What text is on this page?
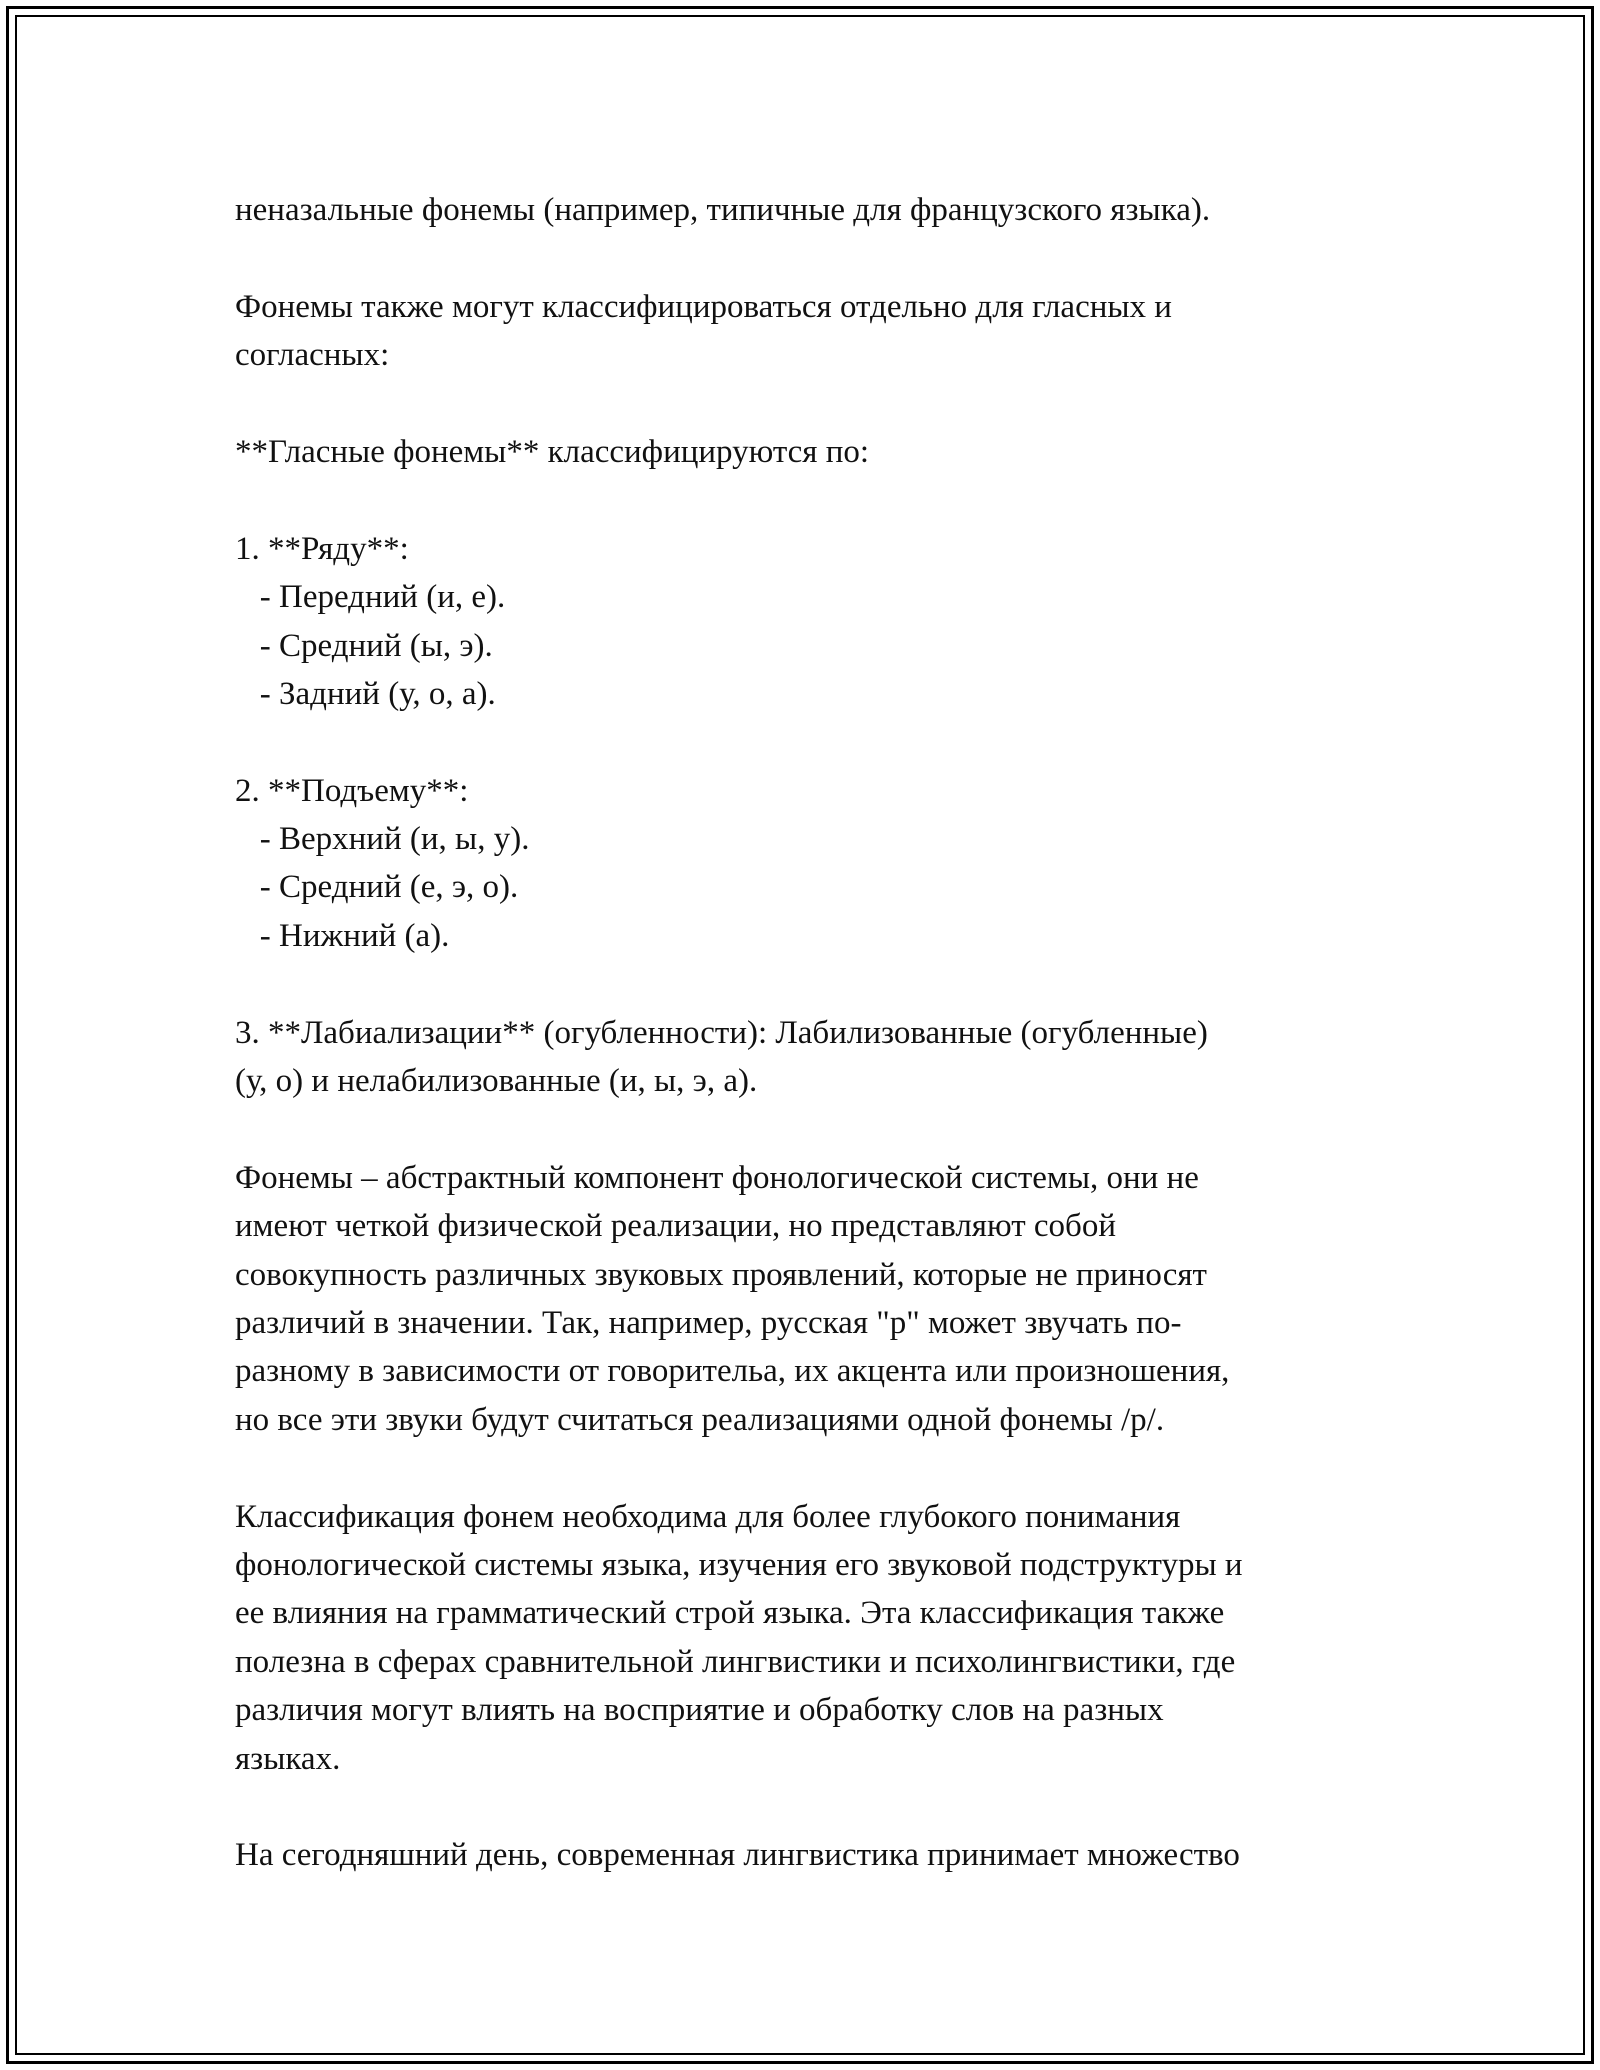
неназальные фонемы (например, типичные для французского языка).
Фонемы также могут классифицироваться отдельно для гласных и
согласных:
**Гласные фонемы** классифицируются по:
1. **Ряду**:
- Передний (и, е).
- Средний (ы, э).
- Задний (у, о, а).
2. **Подъему**:
- Верхний (и, ы, у).
- Средний (е, э, о).
- Нижний (а).
3. **Лабиализации** (огубленности): Лабилизованные (огубленные)
(у, о) и нелабилизованные (и, ы, э, а).
Фонемы – абстрактный компонент фонологической системы, они не
имеют четкой физической реализации, но представляют собой
совокупность различных звуковых проявлений, которые не приносят
различий в значении. Так, например, русская "р" может звучать по-
разному в зависимости от говорительа, их акцента или произношения,
но все эти звуки будут считаться реализациями одной фонемы /р/.
Классификация фонем необходима для более глубокого понимания
фонологической системы языка, изучения его звуковой подструктуры и
ее влияния на грамматический строй языка. Эта классификация также
полезна в сферах сравнительной лингвистики и психолингвистики, где
различия могут влиять на восприятие и обработку слов на разных
языках.
На сегодняшний день, современная лингвистика принимает множество
